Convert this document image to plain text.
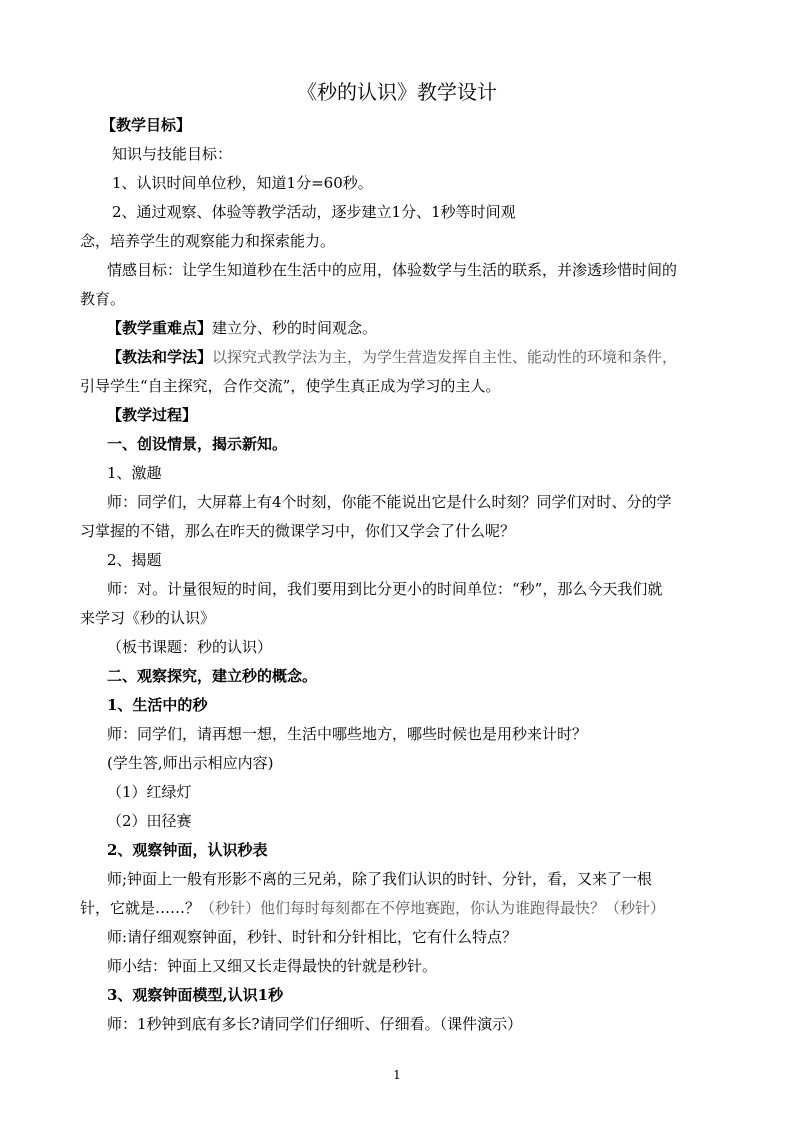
《秒的认识》教学设计
【教学目标】
知识与技能目标：
1、认识时间单位秒，知道1分=60秒。
2、通过观察、体验等教学活动，逐步建立1分、1秒等时间观
念，培养学生的观察能力和探索能力。
情感目标：让学生知道秒在生活中的应用，体验数学与生活的联系，并渗透珍惜时间的
教育。
【教学重难点】建立分、秒的时间观念。
【教法和学法】以探究式教学法为主，为学生营造发挥自主性、能动性的环境和条件，
引导学生“自主探究，合作交流”，使学生真正成为学习的主人。
【教学过程】
一、创设情景，揭示新知。
1、激趣
师：同学们，大屏幕上有4个时刻，你能不能说出它是什么时刻？同学们对时、分的学
习掌握的不错，那么在昨天的微课学习中，你们又学会了什么呢？
2、揭题
师：对。计量很短的时间，我们要用到比分更小的时间单位：“秒”，那么今天我们就
来学习《秒的认识》
（板书课题：秒的认识）
二、观察探究，建立秒的概念。
1、生活中的秒
师：同学们，请再想一想，生活中哪些地方，哪些时候也是用秒来计时？
(学生答,师出示相应内容)
（1）红绿灯
（2）田径赛
2、观察钟面，认识秒表
师;钟面上一般有形影不离的三兄弟，除了我们认识的时针、分针，看，又来了一根
针，它就是……？（秒针）他们每时每刻都在不停地赛跑，你认为谁跑得最快？（秒针）
师:请仔细观察钟面，秒针、时针和分针相比，它有什么特点？
师小结：钟面上又细又长走得最快的针就是秒针。
3、观察钟面模型,认识1秒
师：1秒钟到底有多长?请同学们仔细听、仔细看。（课件演示）
1
